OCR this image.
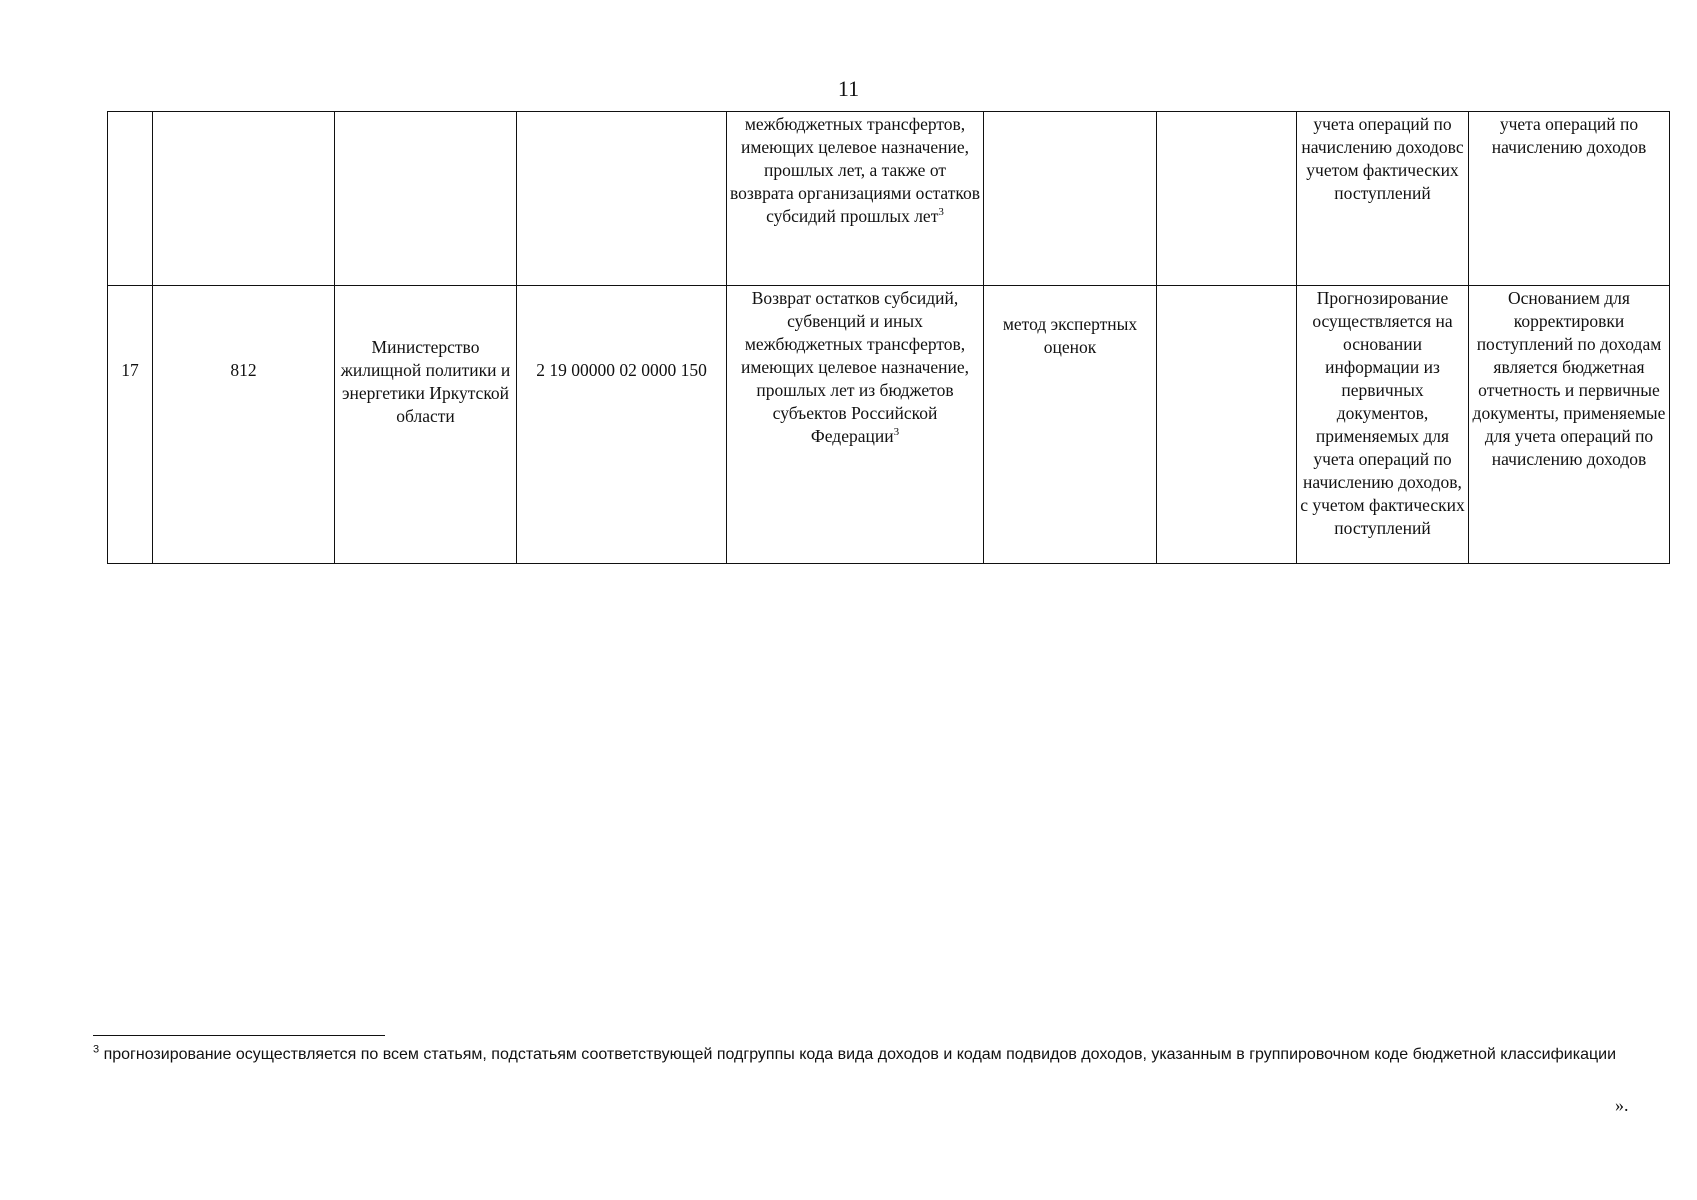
11
				межбюджетных трансфертов, имеющих целевое назначение, прошлых лет, а также от возврата организациями остатков субсидий прошлых лет$^3$			учета операций по начислению доходовс учетом фактических поступлений	учета операций по начислению доходов
17	812	Министерство жилищной политики и энергетики Иркутской области	2 19 00000 02 0000 150	Возврат остатков субсидий, субвенций и иных межбюджетных трансфертов, имеющих целевое назначение, прошлых лет из бюджетов субъектов Российской Федерации$^3$	метод экспертных оценок		Прогнозирование осуществляется на основании информации из первичных документов, применяемых для учета операций по начислению доходов, с учетом фактических поступлений	Основанием для корректировки поступлений по доходам является бюджетная отчетность и первичные документы, применяемые для учета операций по начислению доходов
$^3$ прогнозирование осуществляется по всем статьям, подстатьям соответствующей подгруппы кода вида доходов и кодам подвидов доходов, указанным в группировочном коде бюджетной классификации
».
